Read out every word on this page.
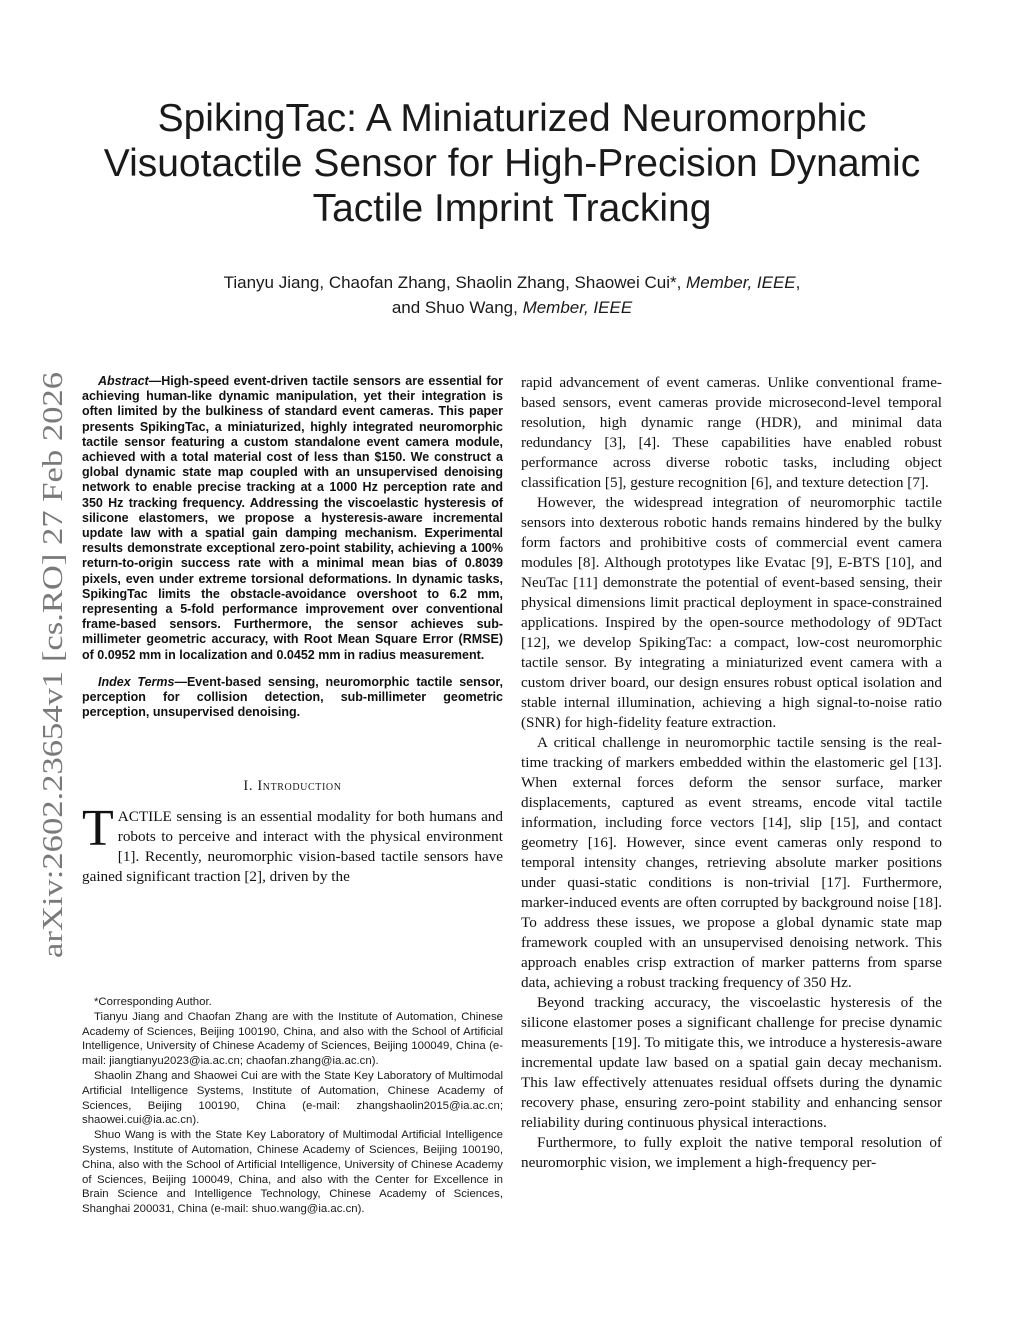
arXiv:2602.23654v1 [cs.RO] 27 Feb 2026
SpikingTac: A Miniaturized Neuromorphic Visuotactile Sensor for High-Precision Dynamic Tactile Imprint Tracking
Tianyu Jiang, Chaofan Zhang, Shaolin Zhang, Shaowei Cui*, Member, IEEE,
and Shuo Wang, Member, IEEE

Abstract—High-speed event-driven tactile sensors are essential for achieving human-like dynamic manipulation, yet their integration is often limited by the bulkiness of standard event cameras. This paper presents SpikingTac, a miniaturized, highly integrated neuromorphic tactile sensor featuring a custom standalone event camera module, achieved with a total material cost of less than $150. We construct a global dynamic state map coupled with an unsupervised denoising network to enable precise tracking at a 1000 Hz perception rate and 350 Hz tracking frequency. Addressing the viscoelastic hysteresis of silicone elastomers, we propose a hysteresis-aware incremental update law with a spatial gain damping mechanism. Experimental results demonstrate exceptional zero-point stability, achieving a 100% return-to-origin success rate with a minimal mean bias of 0.8039 pixels, even under extreme torsional deformations. In dynamic tasks, SpikingTac limits the obstacle-avoidance overshoot to 6.2 mm, representing a 5-fold performance improvement over conventional frame-based sensors. Furthermore, the sensor achieves sub-millimeter geometric accuracy, with Root Mean Square Error (RMSE) of 0.0952 mm in localization and 0.0452 mm in radius measurement.

Index Terms—Event-based sensing, neuromorphic tactile sensor, perception for collision detection, sub-millimeter geometric perception, unsupervised denoising.

I. Introduction

TACTILE sensing is an essential modality for both humans and robots to perceive and interact with the physical environment [1]. Recently, neuromorphic vision-based tactile sensors have gained significant traction [2], driven by the

*Corresponding Author.

Tianyu Jiang and Chaofan Zhang are with the Institute of Automation, Chinese Academy of Sciences, Beijing 100190, China, and also with the School of Artificial Intelligence, University of Chinese Academy of Sciences, Beijing 100049, China (e-mail: jiangtianyu2023@ia.ac.cn; chaofan.zhang@ia.ac.cn).

Shaolin Zhang and Shaowei Cui are with the State Key Laboratory of Multimodal Artificial Intelligence Systems, Institute of Automation, Chinese Academy of Sciences, Beijing 100190, China (e-mail: zhangshaolin2015@ia.ac.cn; shaowei.cui@ia.ac.cn).

Shuo Wang is with the State Key Laboratory of Multimodal Artificial Intelligence Systems, Institute of Automation, Chinese Academy of Sciences, Beijing 100190, China, also with the School of Artificial Intelligence, University of Chinese Academy of Sciences, Beijing 100049, China, and also with the Center for Excellence in Brain Science and Intelligence Technology, Chinese Academy of Sciences, Shanghai 200031, China (e-mail: shuo.wang@ia.ac.cn).

rapid advancement of event cameras. Unlike conventional frame-based sensors, event cameras provide microsecond-level temporal resolution, high dynamic range (HDR), and minimal data redundancy [3], [4]. These capabilities have enabled robust performance across diverse robotic tasks, including object classification [5], gesture recognition [6], and texture detection [7].

However, the widespread integration of neuromorphic tactile sensors into dexterous robotic hands remains hindered by the bulky form factors and prohibitive costs of commercial event camera modules [8]. Although prototypes like Evatac [9], E-BTS [10], and NeuTac [11] demonstrate the potential of event-based sensing, their physical dimensions limit practical deployment in space-constrained applications. Inspired by the open-source methodology of 9DTact [12], we develop SpikingTac: a compact, low-cost neuromorphic tactile sensor. By integrating a miniaturized event camera with a custom driver board, our design ensures robust optical isolation and stable internal illumination, achieving a high signal-to-noise ratio (SNR) for high-fidelity feature extraction.

A critical challenge in neuromorphic tactile sensing is the real-time tracking of markers embedded within the elastomeric gel [13]. When external forces deform the sensor surface, marker displacements, captured as event streams, encode vital tactile information, including force vectors [14], slip [15], and contact geometry [16]. However, since event cameras only respond to temporal intensity changes, retrieving absolute marker positions under quasi-static conditions is non-trivial [17]. Furthermore, marker-induced events are often corrupted by background noise [18]. To address these issues, we propose a global dynamic state map framework coupled with an unsupervised denoising network. This approach enables crisp extraction of marker patterns from sparse data, achieving a robust tracking frequency of 350 Hz.

Beyond tracking accuracy, the viscoelastic hysteresis of the silicone elastomer poses a significant challenge for precise dynamic measurements [19]. To mitigate this, we introduce a hysteresis-aware incremental update law based on a spatial gain decay mechanism. This law effectively attenuates residual offsets during the dynamic recovery phase, ensuring zero-point stability and enhancing sensor reliability during continuous physical interactions.

Furthermore, to fully exploit the native temporal resolution of neuromorphic vision, we implement a high-frequency per-
